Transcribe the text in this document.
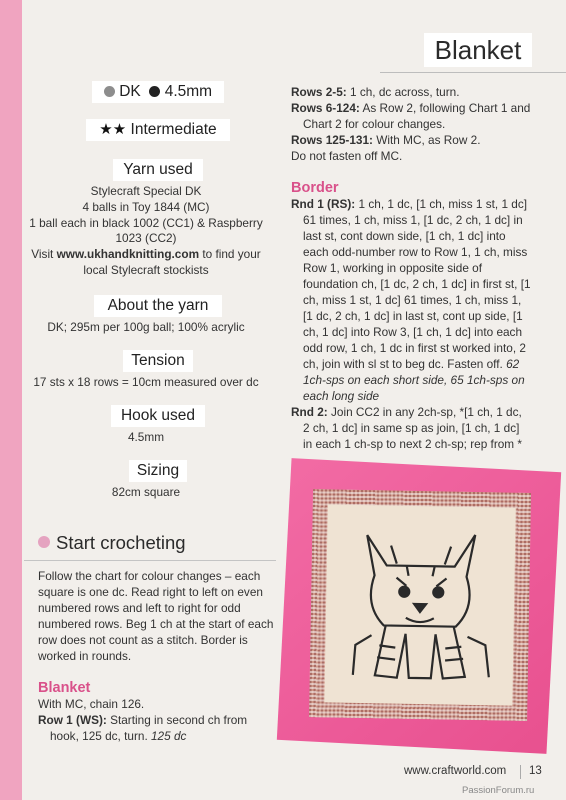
Blanket
DK 4.5mm
★★ Intermediate
Yarn used
Stylecraft Special DK
4 balls in Toy 1844 (MC)
1 ball each in black 1002 (CC1) & Raspberry 1023 (CC2)
Visit www.ukhandknitting.com to find your local Stylecraft stockists
About the yarn
DK; 295m per 100g ball; 100% acrylic
Tension
17 sts x 18 rows = 10cm measured over dc
Hook used
4.5mm
Sizing
82cm square
Start crocheting
Follow the chart for colour changes – each square is one dc. Read right to left on even numbered rows and left to right for odd numbered rows. Beg 1 ch at the start of each row does not count as a stitch. Border is worked in rounds.
Blanket
With MC, chain 126.
Row 1 (WS): Starting in second ch from hook, 125 dc, turn. 125 dc
Rows 2-5: 1 ch, dc across, turn.
Rows 6-124: As Row 2, following Chart 1 and Chart 2 for colour changes.
Rows 125-131: With MC, as Row 2.
Do not fasten off MC.
Border
Rnd 1 (RS): 1 ch, 1 dc, [1 ch, miss 1 st, 1 dc] 61 times, 1 ch, miss 1, [1 dc, 2 ch, 1 dc] in last st, cont down side, [1 ch, 1 dc] into each odd-number row to Row 1, 1 ch, miss Row 1, working in opposite side of foundation ch, [1 dc, 2 ch, 1 dc] in first st, [1 ch, miss 1 st, 1 dc] 61 times, 1 ch, miss 1, [1 dc, 2 ch, 1 dc] in last st, cont up side, [1 ch, 1 dc] into Row 3, [1 ch, 1 dc] into each odd row, 1 ch, 1 dc in first st worked into, 2 ch, join with sl st to beg dc. Fasten off. 62 1ch-sps on each short side, 65 1ch-sps on each long side
Rnd 2: Join CC2 in any 2ch-sp, *[1 ch, 1 dc, 2 ch, 1 dc] in same sp as join, [1 ch, 1 dc] in each 1 ch-sp to next 2 ch-sp; rep from *
www.craftworld.com 13
PassionForum.ru
